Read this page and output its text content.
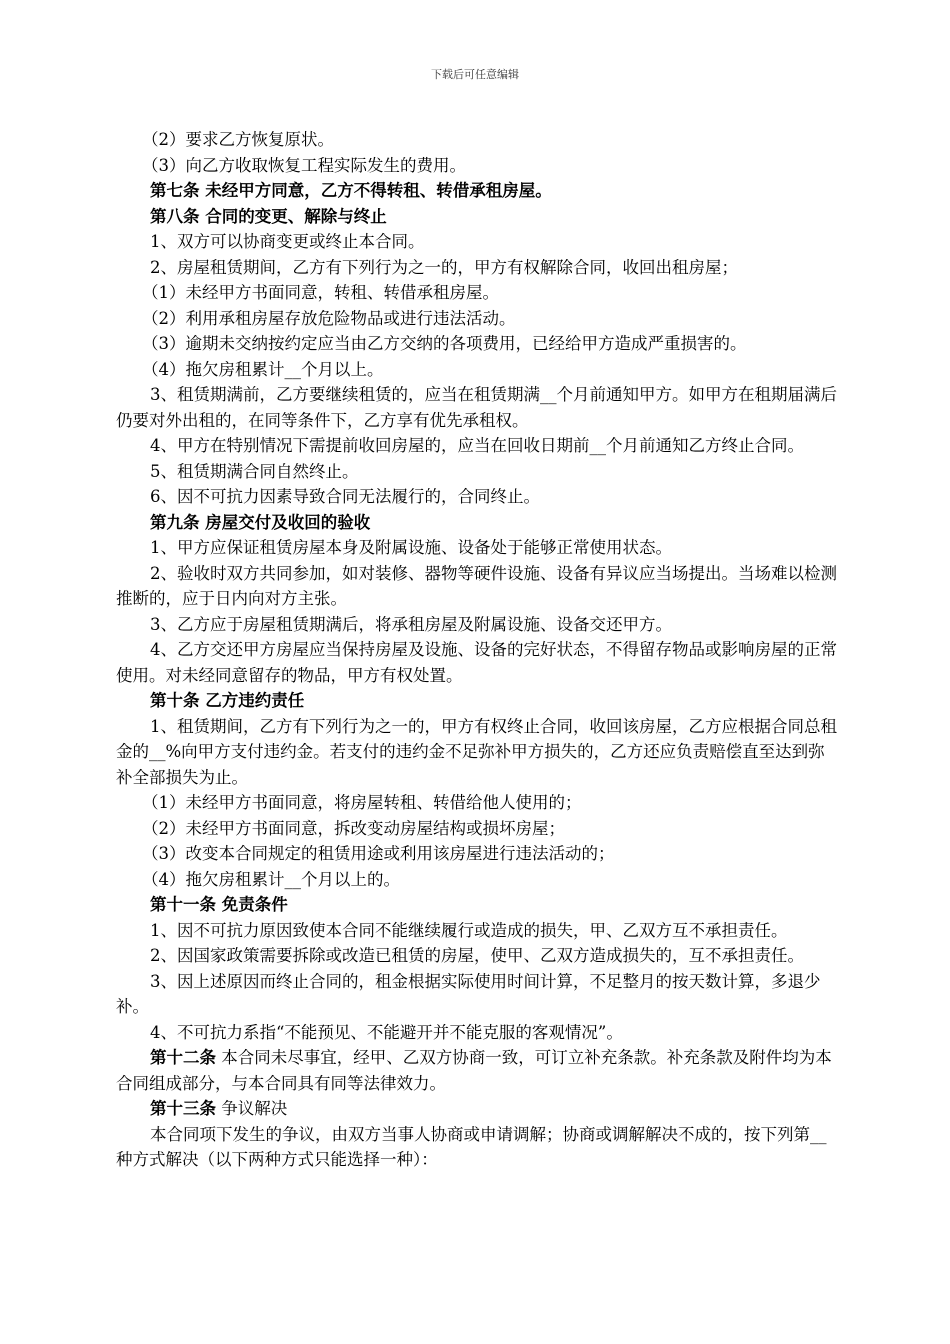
下载后可任意编辑

（2）要求乙方恢复原状。

（3）向乙方收取恢复工程实际发生的费用。

第七条 未经甲方同意，乙方不得转租、转借承租房屋。

第八条 合同的变更、解除与终止

1、双方可以协商变更或终止本合同。

2、房屋租赁期间，乙方有下列行为之一的，甲方有权解除合同，收回出租房屋；

（1）未经甲方书面同意，转租、转借承租房屋。

（2）利用承租房屋存放危险物品或进行违法活动。

（3）逾期未交纳按约定应当由乙方交纳的各项费用，已经给甲方造成严重损害的。

（4）拖欠房租累计__个月以上。

3、租赁期满前，乙方要继续租赁的，应当在租赁期满__个月前通知甲方。如甲方在租期届满后仍要对外出租的，在同等条件下，乙方享有优先承租权。

4、甲方在特别情况下需提前收回房屋的，应当在回收日期前__个月前通知乙方终止合同。

5、租赁期满合同自然终止。

6、因不可抗力因素导致合同无法履行的，合同终止。

第九条 房屋交付及收回的验收

1、甲方应保证租赁房屋本身及附属设施、设备处于能够正常使用状态。

2、验收时双方共同参加，如对装修、器物等硬件设施、设备有异议应当场提出。当场难以检测推断的，应于日内向对方主张。

3、乙方应于房屋租赁期满后，将承租房屋及附属设施、设备交还甲方。

4、乙方交还甲方房屋应当保持房屋及设施、设备的完好状态，不得留存物品或影响房屋的正常使用。对未经同意留存的物品，甲方有权处置。

第十条 乙方违约责任

1、租赁期间，乙方有下列行为之一的，甲方有权终止合同，收回该房屋，乙方应根据合同总租金的__%向甲方支付违约金。若支付的违约金不足弥补甲方损失的，乙方还应负责赔偿直至达到弥补全部损失为止。

（1）未经甲方书面同意，将房屋转租、转借给他人使用的；

（2）未经甲方书面同意，拆改变动房屋结构或损坏房屋；

（3）改变本合同规定的租赁用途或利用该房屋进行违法活动的；

（4）拖欠房租累计__个月以上的。

第十一条 免责条件

1、因不可抗力原因致使本合同不能继续履行或造成的损失，甲、乙双方互不承担责任。

2、因国家政策需要拆除或改造已租赁的房屋，使甲、乙双方造成损失的，互不承担责任。

3、因上述原因而终止合同的，租金根据实际使用时间计算，不足整月的按天数计算，多退少补。

4、不可抗力系指“不能预见、不能避开并不能克服的客观情况”。

第十二条 本合同未尽事宜，经甲、乙双方协商一致，可订立补充条款。补充条款及附件均为本合同组成部分，与本合同具有同等法律效力。

第十三条 争议解决

本合同项下发生的争议，由双方当事人协商或申请调解；协商或调解解决不成的，按下列第__种方式解决（以下两种方式只能选择一种）：
